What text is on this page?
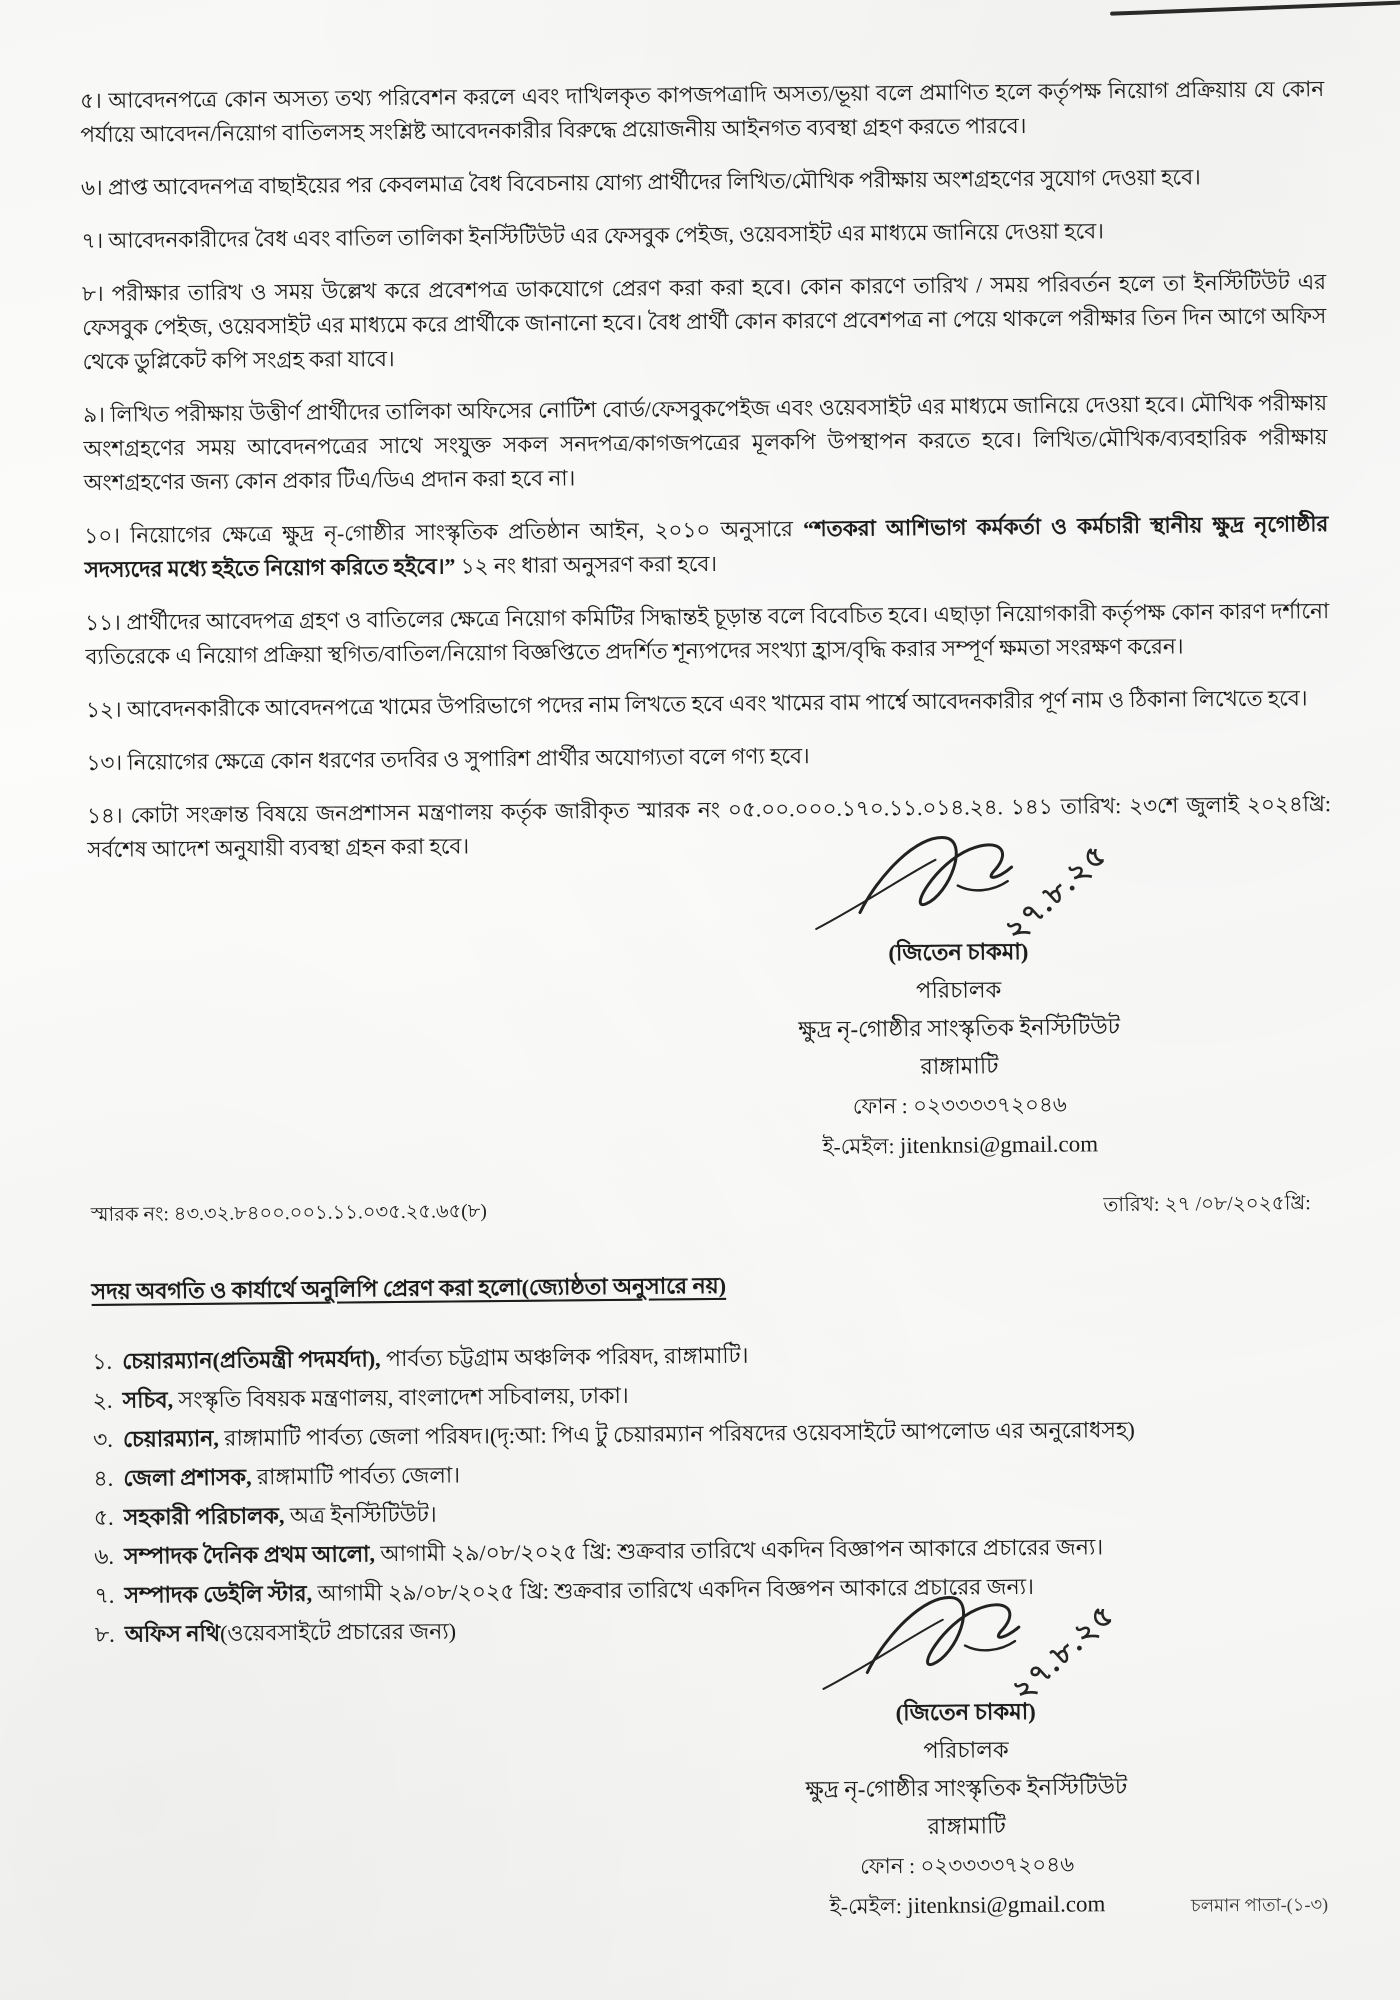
৫। আবেদনপত্রে কোন অসত্য তথ্য পরিবেশন করলে এবং দাখিলকৃত কাপজপত্রাদি অসত্য/ভূয়া বলে প্রমাণিত হলে কর্তৃপক্ষ নিয়োগ প্রক্রিয়ায় যে কোন পর্যায়ে আবেদন/নিয়োগ বাতিলসহ সংশ্লিষ্ট আবেদনকারীর বিরুদ্ধে প্রয়োজনীয় আইনগত ব্যবস্থা গ্রহণ করতে পারবে।

৬। প্রাপ্ত আবেদনপত্র বাছাইয়ের পর কেবলমাত্র বৈধ বিবেচনায় যোগ্য প্রার্থীদের লিখিত/মৌখিক পরীক্ষায় অংশগ্রহণের সুযোগ দেওয়া হবে।

৭। আবেদনকারীদের বৈধ এবং বাতিল তালিকা ইনস্টিটিউট এর ফেসবুক পেইজ, ওয়েবসাইট এর মাধ্যমে জানিয়ে দেওয়া হবে।

৮। পরীক্ষার তারিখ ও সময় উল্লেখ করে প্রবেশপত্র ডাকযোগে প্রেরণ করা করা হবে। কোন কারণে তারিখ / সময় পরিবর্তন হলে তা ইনস্টিটিউট এর ফেসবুক পেইজ, ওয়েবসাইট এর মাধ্যমে করে প্রার্থীকে জানানো হবে। বৈধ প্রার্থী কোন কারণে প্রবেশপত্র না পেয়ে থাকলে পরীক্ষার তিন দিন আগে অফিস থেকে ডুপ্লিকেট কপি সংগ্রহ করা যাবে।

৯। লিখিত পরীক্ষায় উত্তীর্ণ প্রার্থীদের তালিকা অফিসের নোটিশ বোর্ড/ফেসবুকপেইজ এবং ওয়েবসাইট এর মাধ্যমে জানিয়ে দেওয়া হবে। মৌখিক পরীক্ষায় অংশগ্রহণের সময় আবেদনপত্রের সাথে সংযুক্ত সকল সনদপত্র/কাগজপত্রের মূলকপি উপস্থাপন করতে হবে। লিখিত/মৌখিক/ব্যবহারিক পরীক্ষায় অংশগ্রহণের জন্য কোন প্রকার টিএ/ডিএ প্রদান করা হবে না।

১০। নিয়োগের ক্ষেত্রে ক্ষুদ্র নৃ-গোষ্ঠীর সাংস্কৃতিক প্রতিষ্ঠান আইন, ২০১০ অনুসারে “শতকরা আশিভাগ কর্মকর্তা ও কর্মচারী স্থানীয় ক্ষুদ্র নৃগোষ্ঠীর সদস্যদের মধ্যে হইতে নিয়োগ করিতে হইবে।” ১২ নং ধারা অনুসরণ করা হবে।

১১। প্রার্থীদের আবেদপত্র গ্রহণ ও বাতিলের ক্ষেত্রে নিয়োগ কমিটির সিদ্ধান্তই চূড়ান্ত বলে বিবেচিত হবে। এছাড়া নিয়োগকারী কর্তৃপক্ষ কোন কারণ দর্শানো ব্যতিরেকে এ নিয়োগ প্রক্রিয়া স্থগিত/বাতিল/নিয়োগ বিজ্ঞপ্তিতে প্রদর্শিত শূন্যপদের সংখ্যা হ্রাস/বৃদ্ধি করার সম্পূর্ণ ক্ষমতা সংরক্ষণ করেন।

১২। আবেদনকারীকে আবেদনপত্রে খামের উপরিভাগে পদের নাম লিখতে হবে এবং খামের বাম পার্শ্বে আবেদনকারীর পূর্ণ নাম ও ঠিকানা লিখেতে হবে।

১৩। নিয়োগের ক্ষেত্রে কোন ধরণের তদবির ও সুপারিশ প্রার্থীর অযোগ্যতা বলে গণ্য হবে।

১৪। কোটা সংক্রান্ত বিষয়ে জনপ্রশাসন মন্ত্রণালয় কর্তৃক জারীকৃত স্মারক নং ০৫.০০.০০০.১৭০.১১.০১৪.২৪. ১৪১ তারিখ: ২৩শে জুলাই ২০২৪খ্রি: সর্বশেষ আদেশ অনুযায়ী ব্যবস্থা গ্রহন করা হবে।	২৭.৮.২৫
(জিতেন চাকমা)
পরিচালক
ক্ষুদ্র নৃ-গোষ্ঠীর সাংস্কৃতিক ইনস্টিটিউট
রাঙ্গামাটি
ফোন : ০২৩৩৩৩৭২০৪৬
ই-মেইল: jitenknsi@gmail.com
স্মারক নং: ৪৩.৩২.৮৪০০.০০১.১১.০৩৫.২৫.৬৫(৮)	তারিখ: ২৭ /০৮/২০২৫খ্রি:
সদয় অবগতি ও কার্যার্থে অনুলিপি প্রেরণ করা হলো(জ্যোষ্ঠতা অনুসারে নয়)
১. চেয়ারম্যান(প্রতিমন্ত্রী পদমর্যদা), পার্বত্য চট্টগ্রাম অঞ্চলিক পরিষদ, রাঙ্গামাটি।
২. সচিব, সংস্কৃতি বিষয়ক মন্ত্রণালয়, বাংলাদেশ সচিবালয়, ঢাকা।
৩. চেয়ারম্যান, রাঙ্গামাটি পার্বত্য জেলা পরিষদ।(দৃ:আ: পিএ টু চেয়ারম্যান পরিষদের ওয়েবসাইটে আপলোড এর অনুরোধসহ)
৪. জেলা প্রশাসক, রাঙ্গামাটি পার্বত্য জেলা।
৫. সহকারী পরিচালক, অত্র ইনস্টিটিউট।
৬. সম্পাদক দৈনিক প্রথম আলো, আগামী ২৯/০৮/২০২৫ খ্রি: শুক্রবার তারিখে একদিন বিজ্ঞাপন আকারে প্রচারের জন্য।
৭. সম্পাদক ডেইলি স্টার, আগামী ২৯/০৮/২০২৫ খ্রি: শুক্রবার তারিখে একদিন বিজ্ঞপন আকারে প্রচারের জন্য।
৮. অফিস নথি(ওয়েবসাইটে প্রচারের জন্য)	২৭.৮.২৫
(জিতেন চাকমা)
পরিচালক
ক্ষুদ্র নৃ-গোষ্ঠীর সাংস্কৃতিক ইনস্টিটিউট
রাঙ্গামাটি
ফোন : ০২৩৩৩৩৭২০৪৬
ই-মেইল: jitenknsi@gmail.com	চলমান পাতা-(১-৩)
